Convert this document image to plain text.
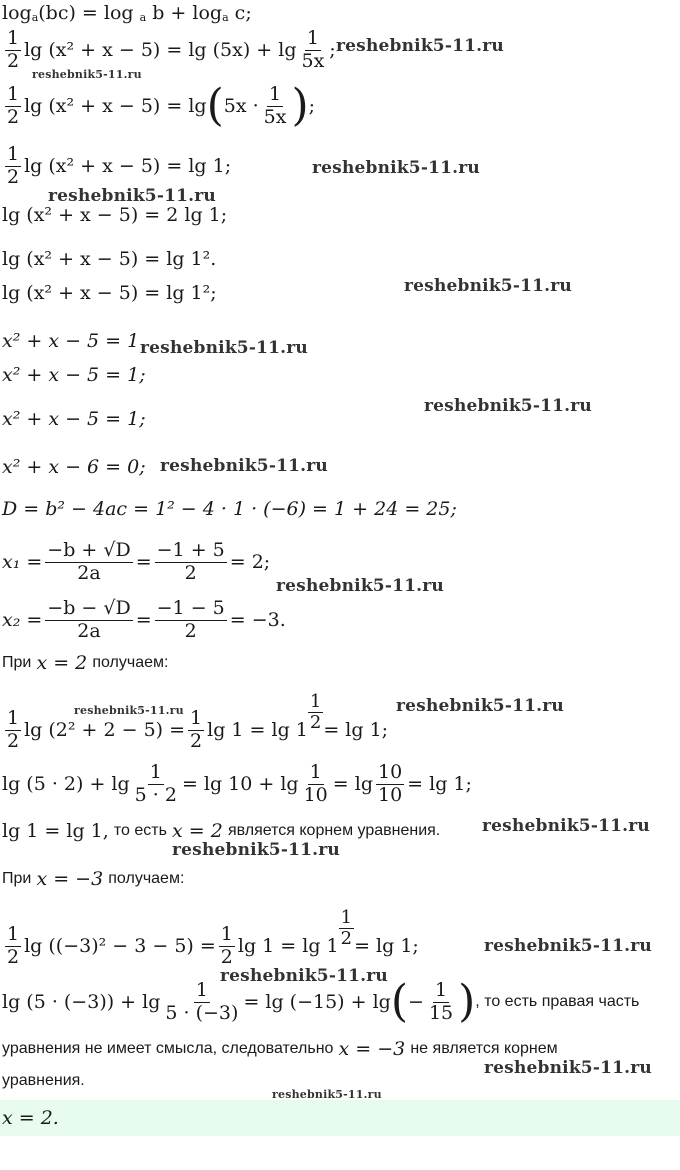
$\log_a (bc) = \log$
$_a$
$b + \log_a$
c;
$\frac{1}{2}$ $\lg (x^2 + x - 5) = \lg (5x) + \lg \frac{1}{5x}$ ;
$\frac{1}{2}$ lg (x² + x − 5) = lg ( $5x \cdot \frac{1}{5x}$ ) ;
$\frac{1}{2}$ lg (x² + x − 5) = lg 1;
lg (x² + x − 5) = 2 lg 1;
lg (x² + x − 5) = lg 1².
lg (x² + x − 5) = lg 1²;
x² + x − 5 = 1
x² + x − 5 = 1;
x² + x − 5 = 1;
x² + x − 6 = 0;
D = b² − 4ac = 1² − 4 · 1 · (−6) = 1 + 24 = 25;
$x_1 = \frac{-b + √D}{2a} = \frac{-1 + 5}{2} = 2$;
$x_2 = \frac{-b - √D}{2a} = \frac{-1 - 5}{2} = -3$.
При
x = 2
получаем:
$\frac{1}{2}$ $\lg (2^2 + 2 - 5) = \frac{1}{2}$ $\lg 1 = \lg 1 \frac{1}{2} = \lg 1$;
$\lg (5 \cdot 2) + \lg \frac{1}{5 \cdot 2} = \lg 10 + \lg \frac{1}{10} = \lg \frac{10}{10} = \lg 1$;
lg 1 = lg 1,
то есть
x = 2
является корнем уравнения.
При
x = −3
получаем:
$\frac{1}{2}$ $\lg ((-3)^2 - 3 - 5) = \frac{1}{2}$ $\lg 1 = \lg 1 \frac{1}{2} = \lg 1$;
$\lg (5 \cdot (-3)) + \lg \frac{1}{5 \cdot (-3)} = \lg (-15) + \lg$ ( − $\frac{1}{15}$ ) , то есть правая часть
уравнения не имеет смысла, следовательно
x = −3
не является корнем
уравнения.
x = 2.
reshebnik5-11.ru
reshebnik5-11.ru
reshebnik5-11.ru
reshebnik5-11.ru
reshebnik5-11.ru
reshebnik5-11.ru
reshebnik5-11.ru
reshebnik5-11.ru
reshebnik5-11.ru
reshebnik5-11.ru	reshebnik5-11.ru
reshebnik5-11.ru
reshebnik5-11.ru
reshebnik5-11.ru
reshebnik5-11.ru
reshebnik5-11.ru
reshebnik5-11.ru
